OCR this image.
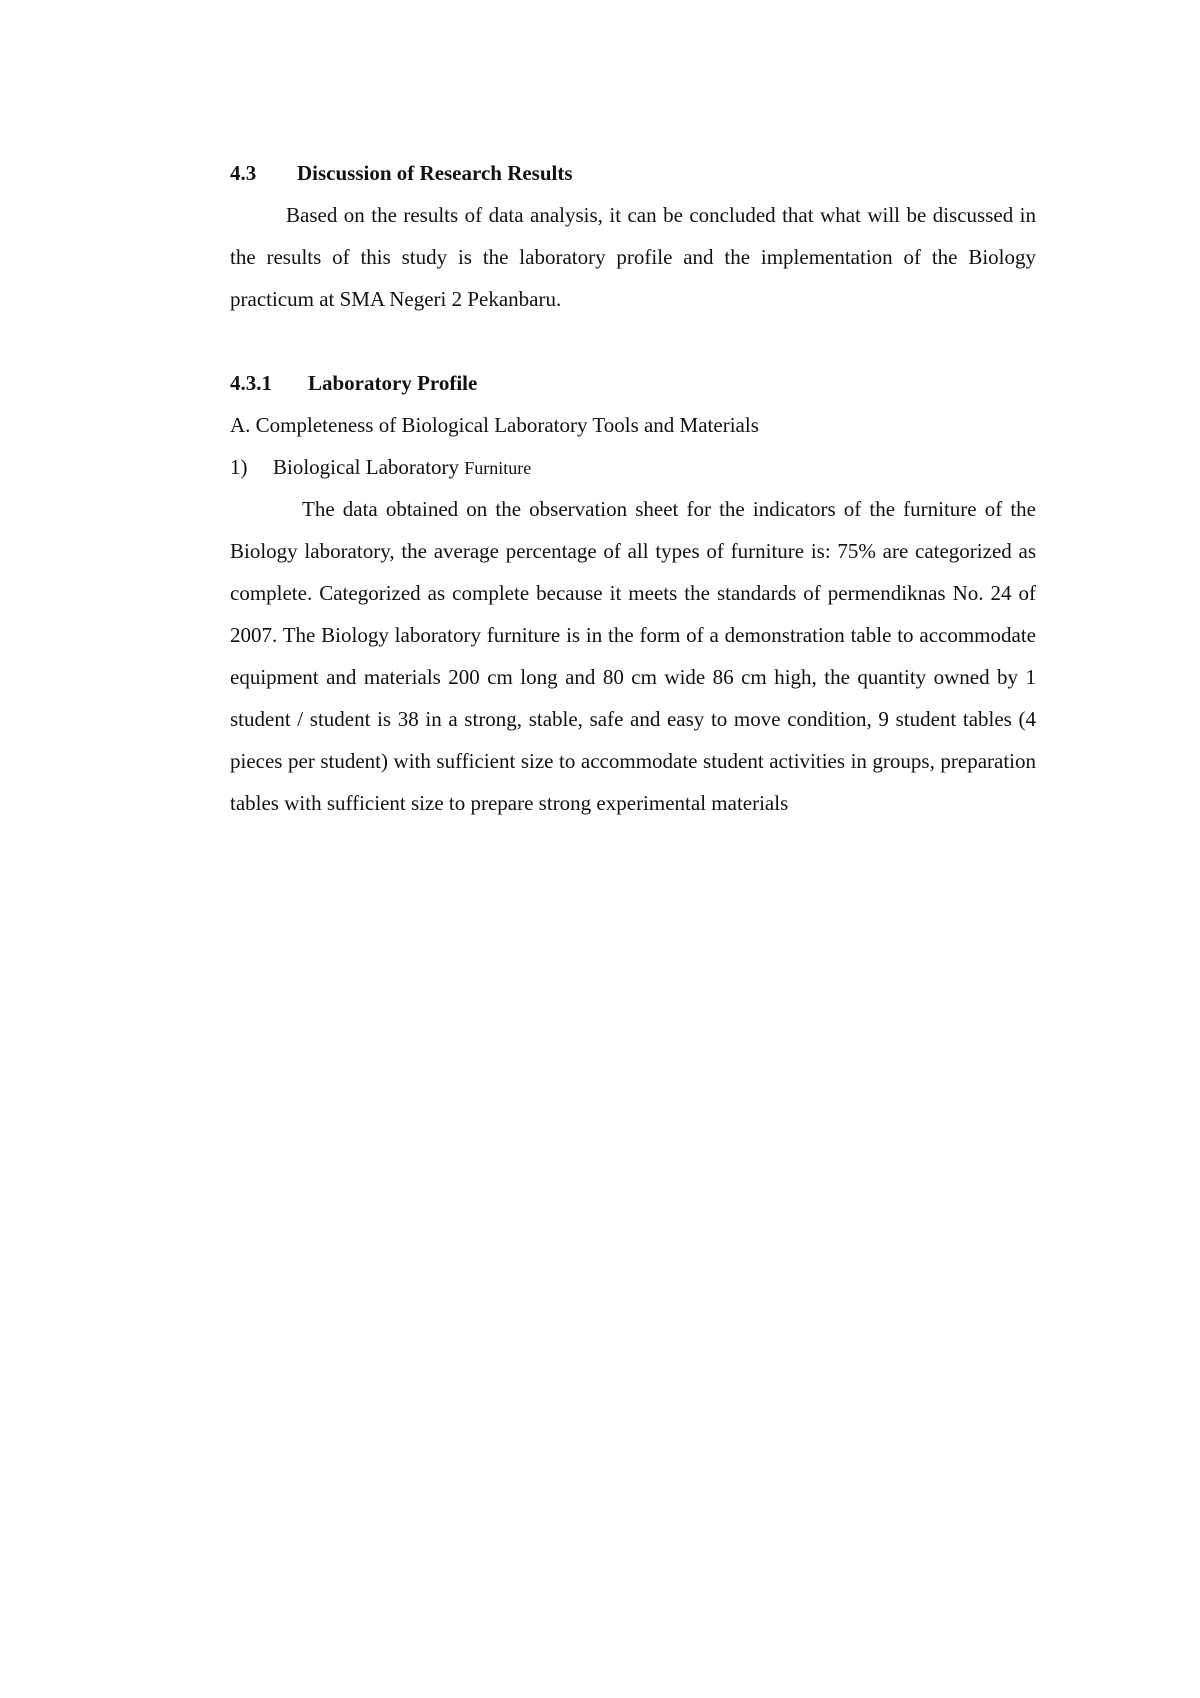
4.3	Discussion of Research Results

Based on the results of data analysis, it can be concluded that what will be discussed in the results of this study is the laboratory profile and the implementation of the Biology practicum at SMA Negeri 2 Pekanbaru.

4.3.1	Laboratory Profile
A. Completeness of Biological Laboratory Tools and Materials
1)	Biological Laboratory Furniture

The data obtained on the observation sheet for the indicators of the furniture of the Biology laboratory, the average percentage of all types of furniture is: 75% are categorized as complete. Categorized as complete because it meets the standards of permendiknas No. 24 of 2007. The Biology laboratory furniture is in the form of a demonstration table to accommodate equipment and materials 200 cm long and 80 cm wide 86 cm high, the quantity owned by 1 student / student is 38 in a strong, stable, safe and easy to move condition, 9 student tables (4 pieces per student) with sufficient size to accommodate student activities in groups, preparation tables with sufficient size to prepare strong experimental materials
